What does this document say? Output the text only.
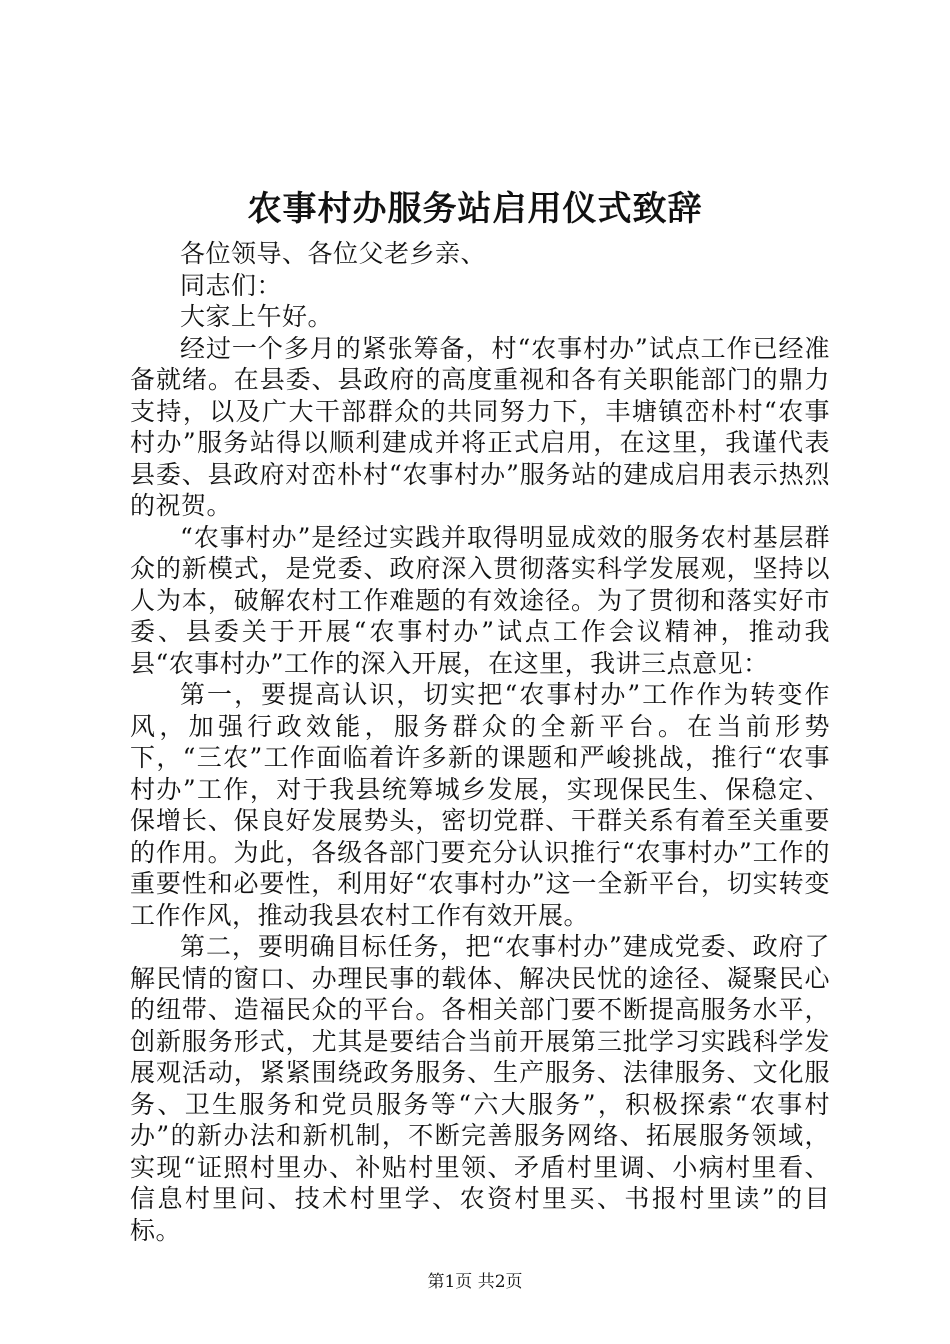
农事村办服务站启用仪式致辞

各位领导、各位父老乡亲、

同志们：

大家上午好。

经过一个多月的紧张筹备，村“农事村办”试点工作已经准备就绪。在县委、县政府的高度重视和各有关职能部门的鼎力支持，以及广大干部群众的共同努力下，丰塘镇峦朴村“农事村办”服务站得以顺利建成并将正式启用，在这里，我谨代表县委、县政府对峦朴村“农事村办”服务站的建成启用表示热烈的祝贺。

“农事村办”是经过实践并取得明显成效的服务农村基层群众的新模式，是党委、政府深入贯彻落实科学发展观，坚持以人为本，破解农村工作难题的有效途径。为了贯彻和落实好市委、县委关于开展“农事村办”试点工作会议精神，推动我县“农事村办”工作的深入开展，在这里，我讲三点意见：

第一，要提高认识，切实把“农事村办”工作作为转变作风，加强行政效能，服务群众的全新平台。在当前形势下，“三农”工作面临着许多新的课题和严峻挑战，推行“农事村办”工作，对于我县统筹城乡发展，实现保民生、保稳定、保增长、保良好发展势头，密切党群、干群关系有着至关重要的作用。为此，各级各部门要充分认识推行“农事村办”工作的重要性和必要性，利用好“农事村办”这一全新平台，切实转变工作作风，推动我县农村工作有效开展。

第二，要明确目标任务，把“农事村办”建成党委、政府了解民情的窗口、办理民事的载体、解决民忧的途径、凝聚民心的纽带、造福民众的平台。各相关部门要不断提高服务水平，创新服务形式，尤其是要结合当前开展第三批学习实践科学发展观活动，紧紧围绕政务服务、生产服务、法律服务、文化服务、卫生服务和党员服务等“六大服务”，积极探索“农事村办”的新办法和新机制，不断完善服务网络、拓展服务领域，实现“证照村里办、补贴村里领、矛盾村里调、小病村里看、信息村里问、技术村里学、农资村里买、书报村里读”的目标。

第1页 共2页
